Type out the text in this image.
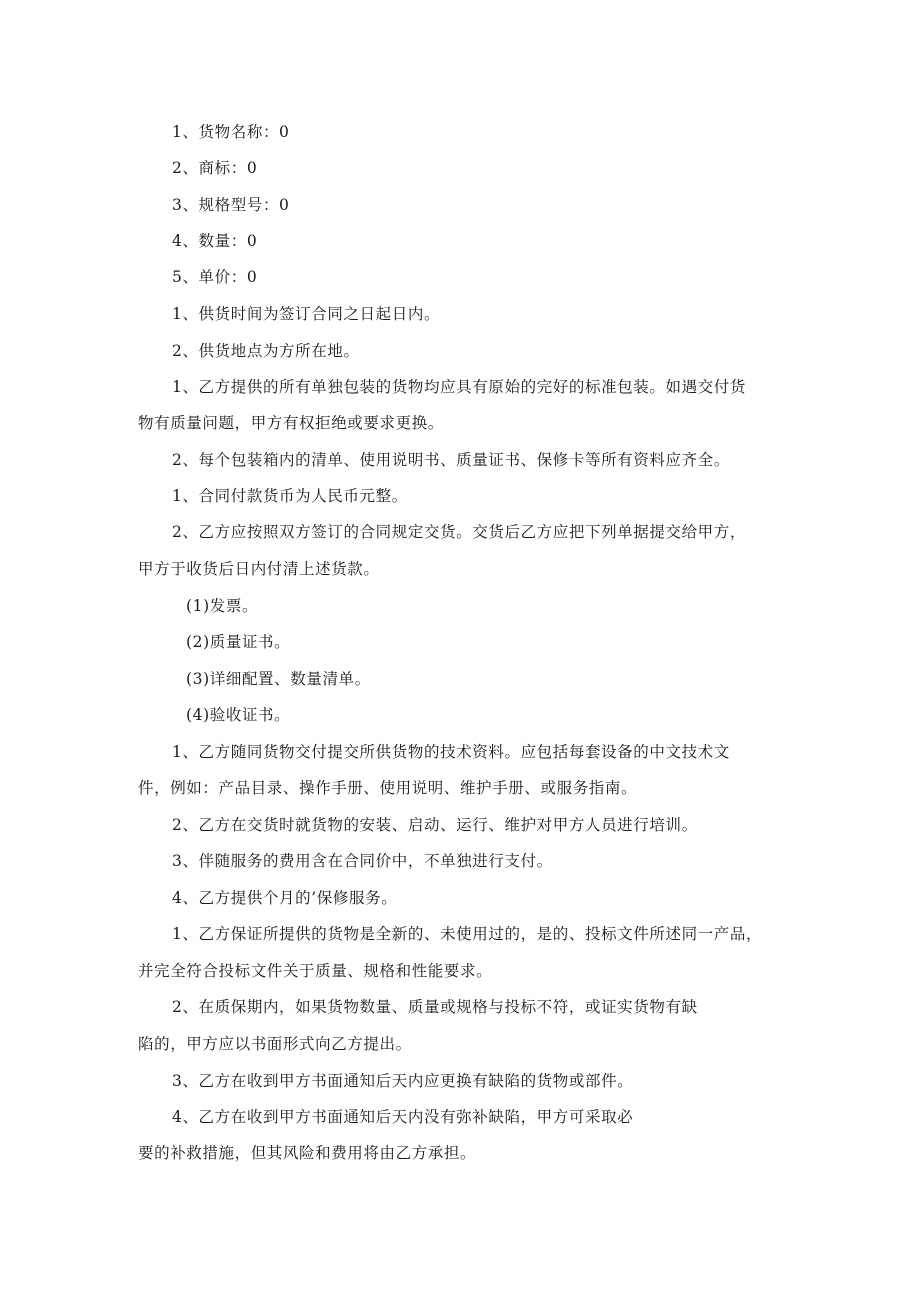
1、货物名称：0
2、商标：0
3、规格型号：0
4、数量：0
5、单价：0
1、供货时间为签订合同之日起日内。
2、供货地点为方所在地。
1、乙方提供的所有单独包装的货物均应具有原始的完好的标准包装。如遇交付货
物有质量问题，甲方有权拒绝或要求更换。
2、每个包装箱内的清单、使用说明书、质量证书、保修卡等所有资料应齐全。
1、合同付款货币为人民币元整。
2、乙方应按照双方签订的合同规定交货。交货后乙方应把下列单据提交给甲方，
甲方于收货后日内付清上述货款。
(1)发票。
(2)质量证书。
(3)详细配置、数量清单。
(4)验收证书。
1、乙方随同货物交付提交所供货物的技术资料。应包括每套设备的中文技术文
件，例如：产品目录、操作手册、使用说明、维护手册、或服务指南。
2、乙方在交货时就货物的安装、启动、运行、维护对甲方人员进行培训。
3、伴随服务的费用含在合同价中，不单独进行支付。
4、乙方提供个月的’保修服务。
1、乙方保证所提供的货物是全新的、未使用过的，是的、投标文件所述同一产品，
并完全符合投标文件关于质量、规格和性能要求。
2、在质保期内，如果货物数量、质量或规格与投标不符，或证实货物有缺
陷的，甲方应以书面形式向乙方提出。
3、乙方在收到甲方书面通知后天内应更换有缺陷的货物或部件。
4、乙方在收到甲方书面通知后天内没有弥补缺陷，甲方可采取必
要的补救措施，但其风险和费用将由乙方承担。
